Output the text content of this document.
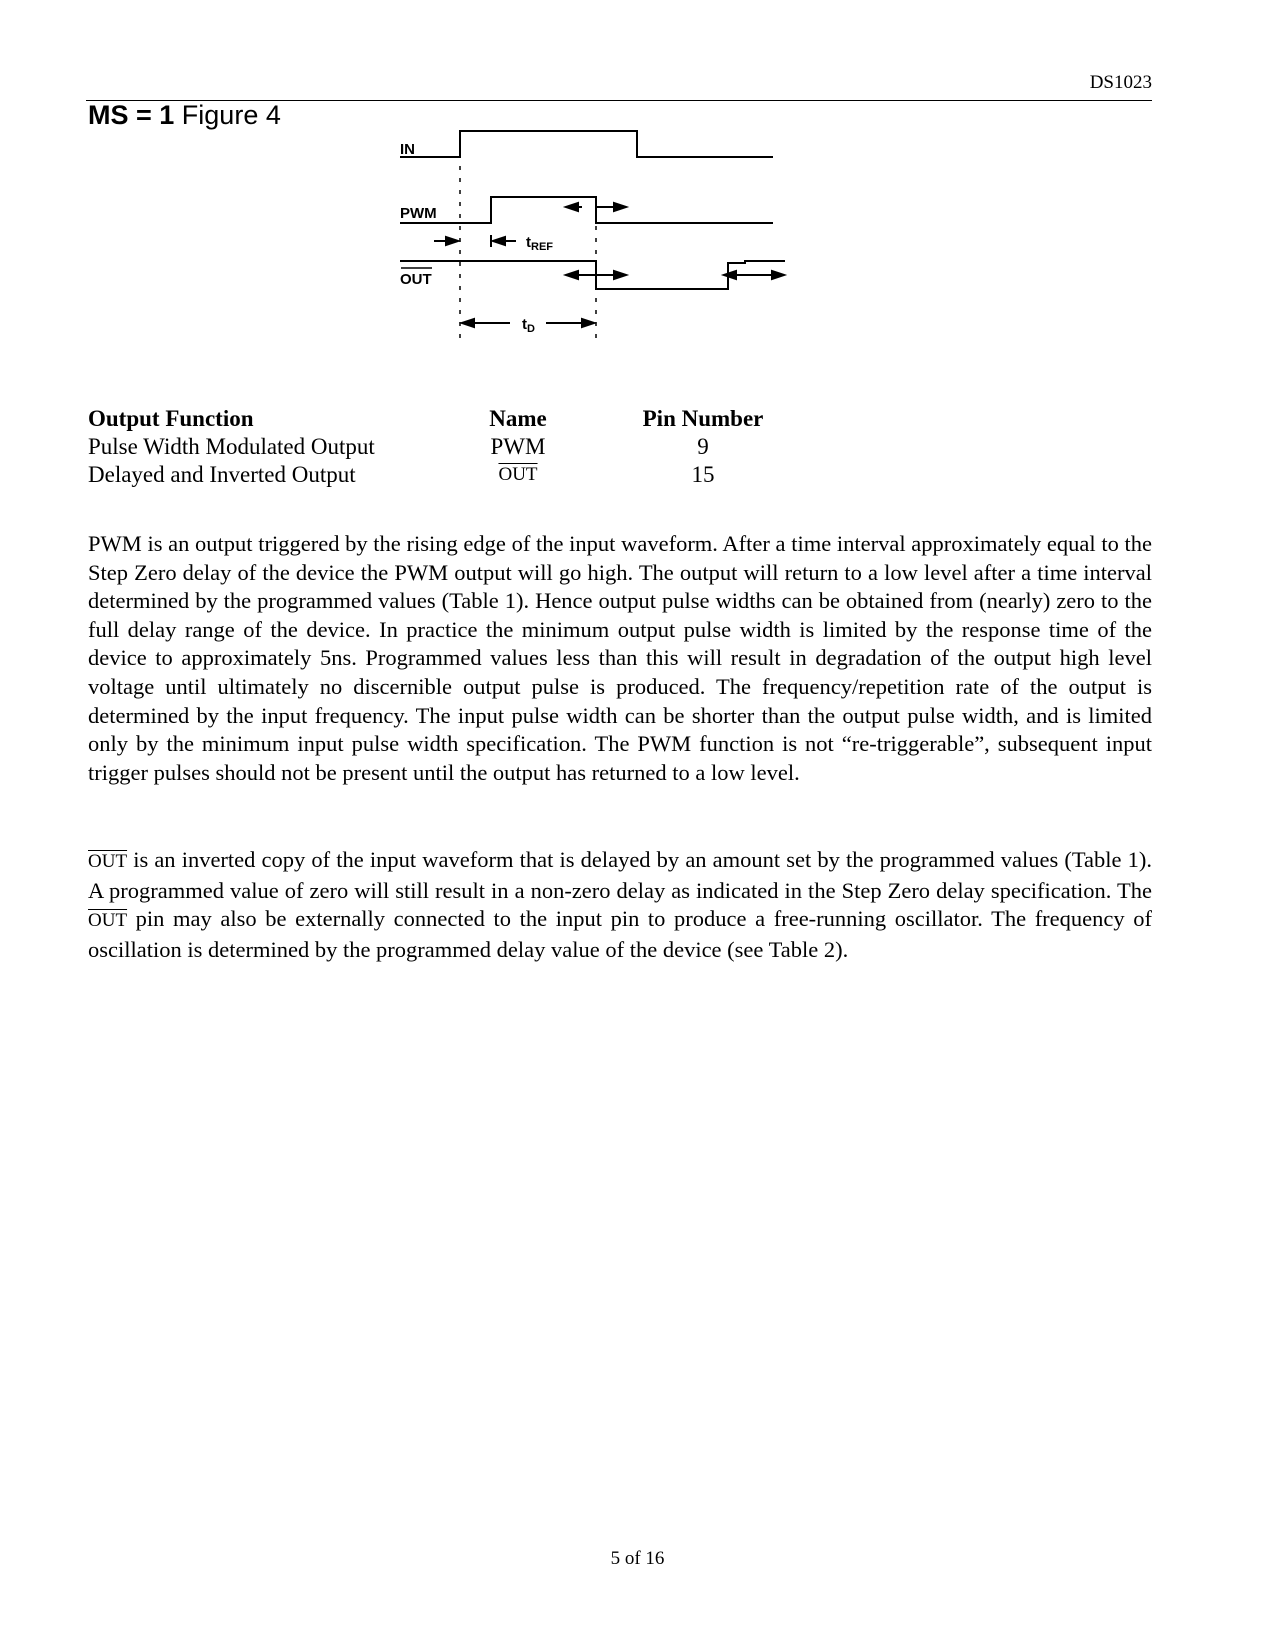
DS1023
MS = 1 Figure 4
IN
PWM
OUT
$t_{REF}$
$t_D$
Output Function	Name	Pin Number
Pulse Width Modulated Output	PWM	9
Delayed and Inverted Output	$\overline{OUT}$	15

PWM is an output triggered by the rising edge of the input waveform. After a time interval approximately equal to the Step Zero delay of the device the PWM output will go high. The output will return to a low level after a time interval determined by the programmed values (Table 1). Hence output pulse widths can be obtained from (nearly) zero to the full delay range of the device. In practice the minimum output pulse width is limited by the response time of the device to approximately 5ns. Programmed values less than this will result in degradation of the output high level voltage until ultimately no discernible output pulse is produced. The frequency/repetition rate of the output is determined by the input frequency. The input pulse width can be shorter than the output pulse width, and is limited only by the minimum input pulse width specification. The PWM function is not “re-triggerable”, subsequent input trigger pulses should not be present until the output has returned to a low level.

$\overline{OUT}$ is an inverted copy of the input waveform that is delayed by an amount set by the programmed values (Table 1). A programmed value of zero will still result in a non-zero delay as indicated in the Step Zero delay specification. The $\overline{OUT}$ pin may also be externally connected to the input pin to produce a free-running oscillator. The frequency of oscillation is determined by the programmed delay value of the device (see Table 2).

5 of 16
